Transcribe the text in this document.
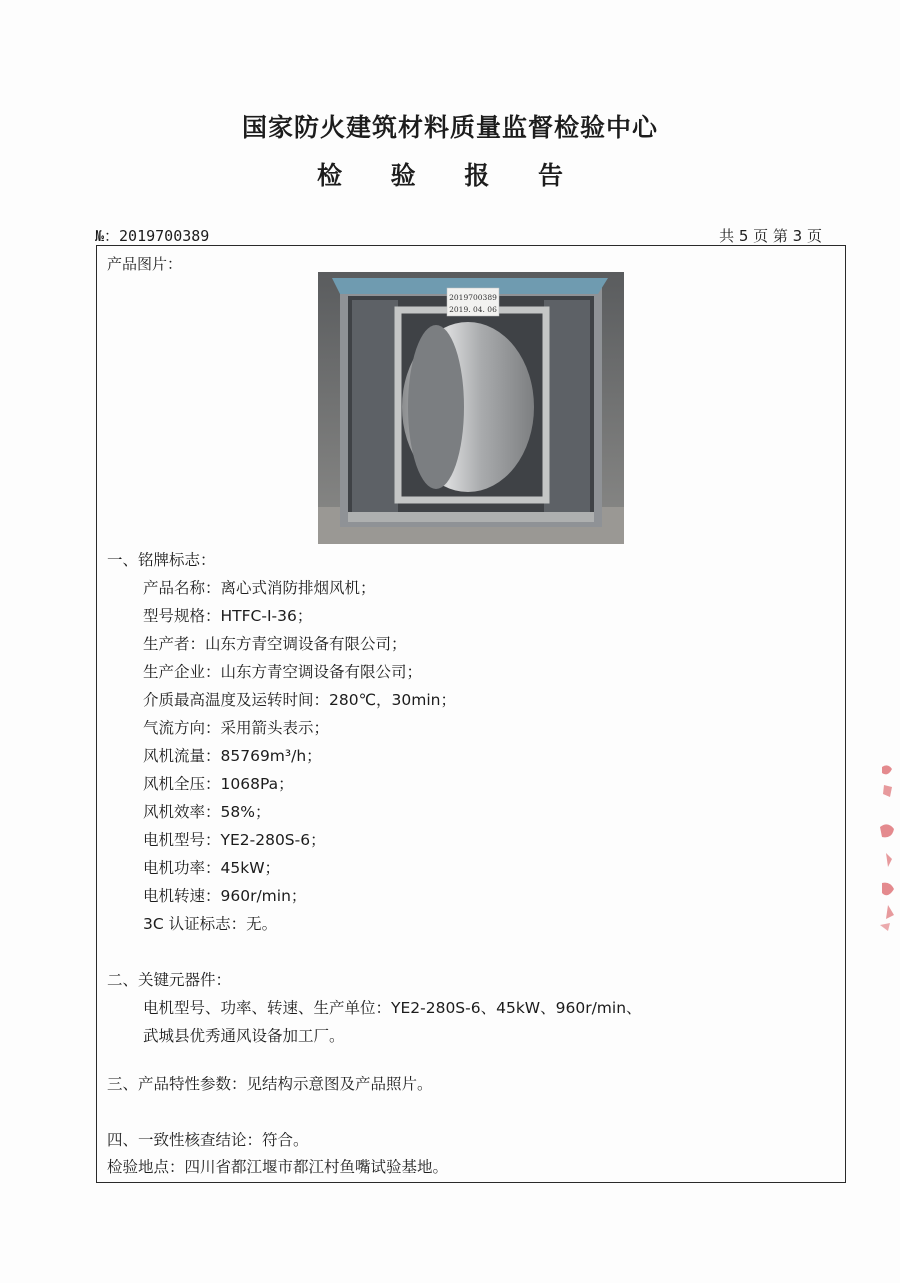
国家防火建筑材料质量监督检验中心
检 验 报 告
№：2019700389	共 5 页 第 3 页
产品图片：
2019700389
2019. 04. 06
一、铭牌标志：
产品名称：离心式消防排烟风机；
型号规格：HTFC-Ⅰ-36；
生产者：山东方青空调设备有限公司；
生产企业：山东方青空调设备有限公司；
介质最高温度及运转时间：280℃，30min；
气流方向：采用箭头表示；
风机流量：85769m³/h；
风机全压：1068Pa；
风机效率：58%；
电机型号：YE2-280S-6；
电机功率：45kW；
电机转速：960r/min；
3C 认证标志：无。
二、关键元器件：
电机型号、功率、转速、生产单位：YE2-280S-6、45kW、960r/min、
武城县优秀通风设备加工厂。
三、产品特性参数：见结构示意图及产品照片。
四、一致性核查结论：符合。
检验地点：四川省都江堰市都江村鱼嘴试验基地。
